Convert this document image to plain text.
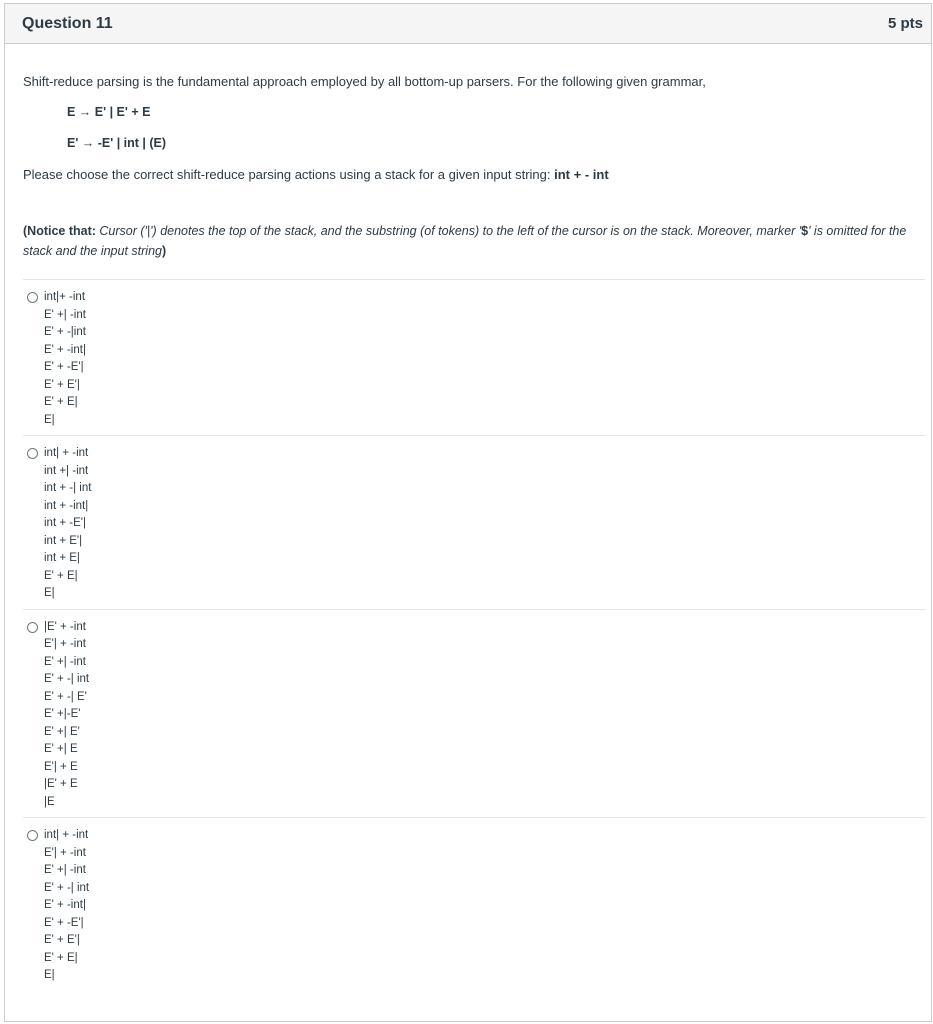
Question 11	5 pts
Shift-reduce parsing is the fundamental approach employed by all bottom-up parsers. For the following given grammar,
E → E' | E' + E
E' → -E' | int | (E)
Please choose the correct shift-reduce parsing actions using a stack for a given input string: int + - int
(Notice that: Cursor ('|') denotes the top of the stack, and the substring (of tokens) to the left of the cursor is on the stack. Moreover, marker '$' is omitted for the stack and the input string)
int|+ -int
E' +| -int
E' + -|int
E' + -int|
E' + -E'|
E' + E'|
E' + E|
E|
int| + -int
int +| -int
int + -| int
int + -int|
int + -E'|
int + E'|
int + E|
E' + E|
E|
|E' + -int
E'| + -int
E' +| -int
E' + -| int
E' + -| E'
E' +|-E'
E' +| E'
E' +| E
E'| + E
|E' + E
|E
int| + -int
E'| + -int
E' +| -int
E' + -| int
E' + -int|
E' + -E'|
E' + E'|
E' + E|
E|
